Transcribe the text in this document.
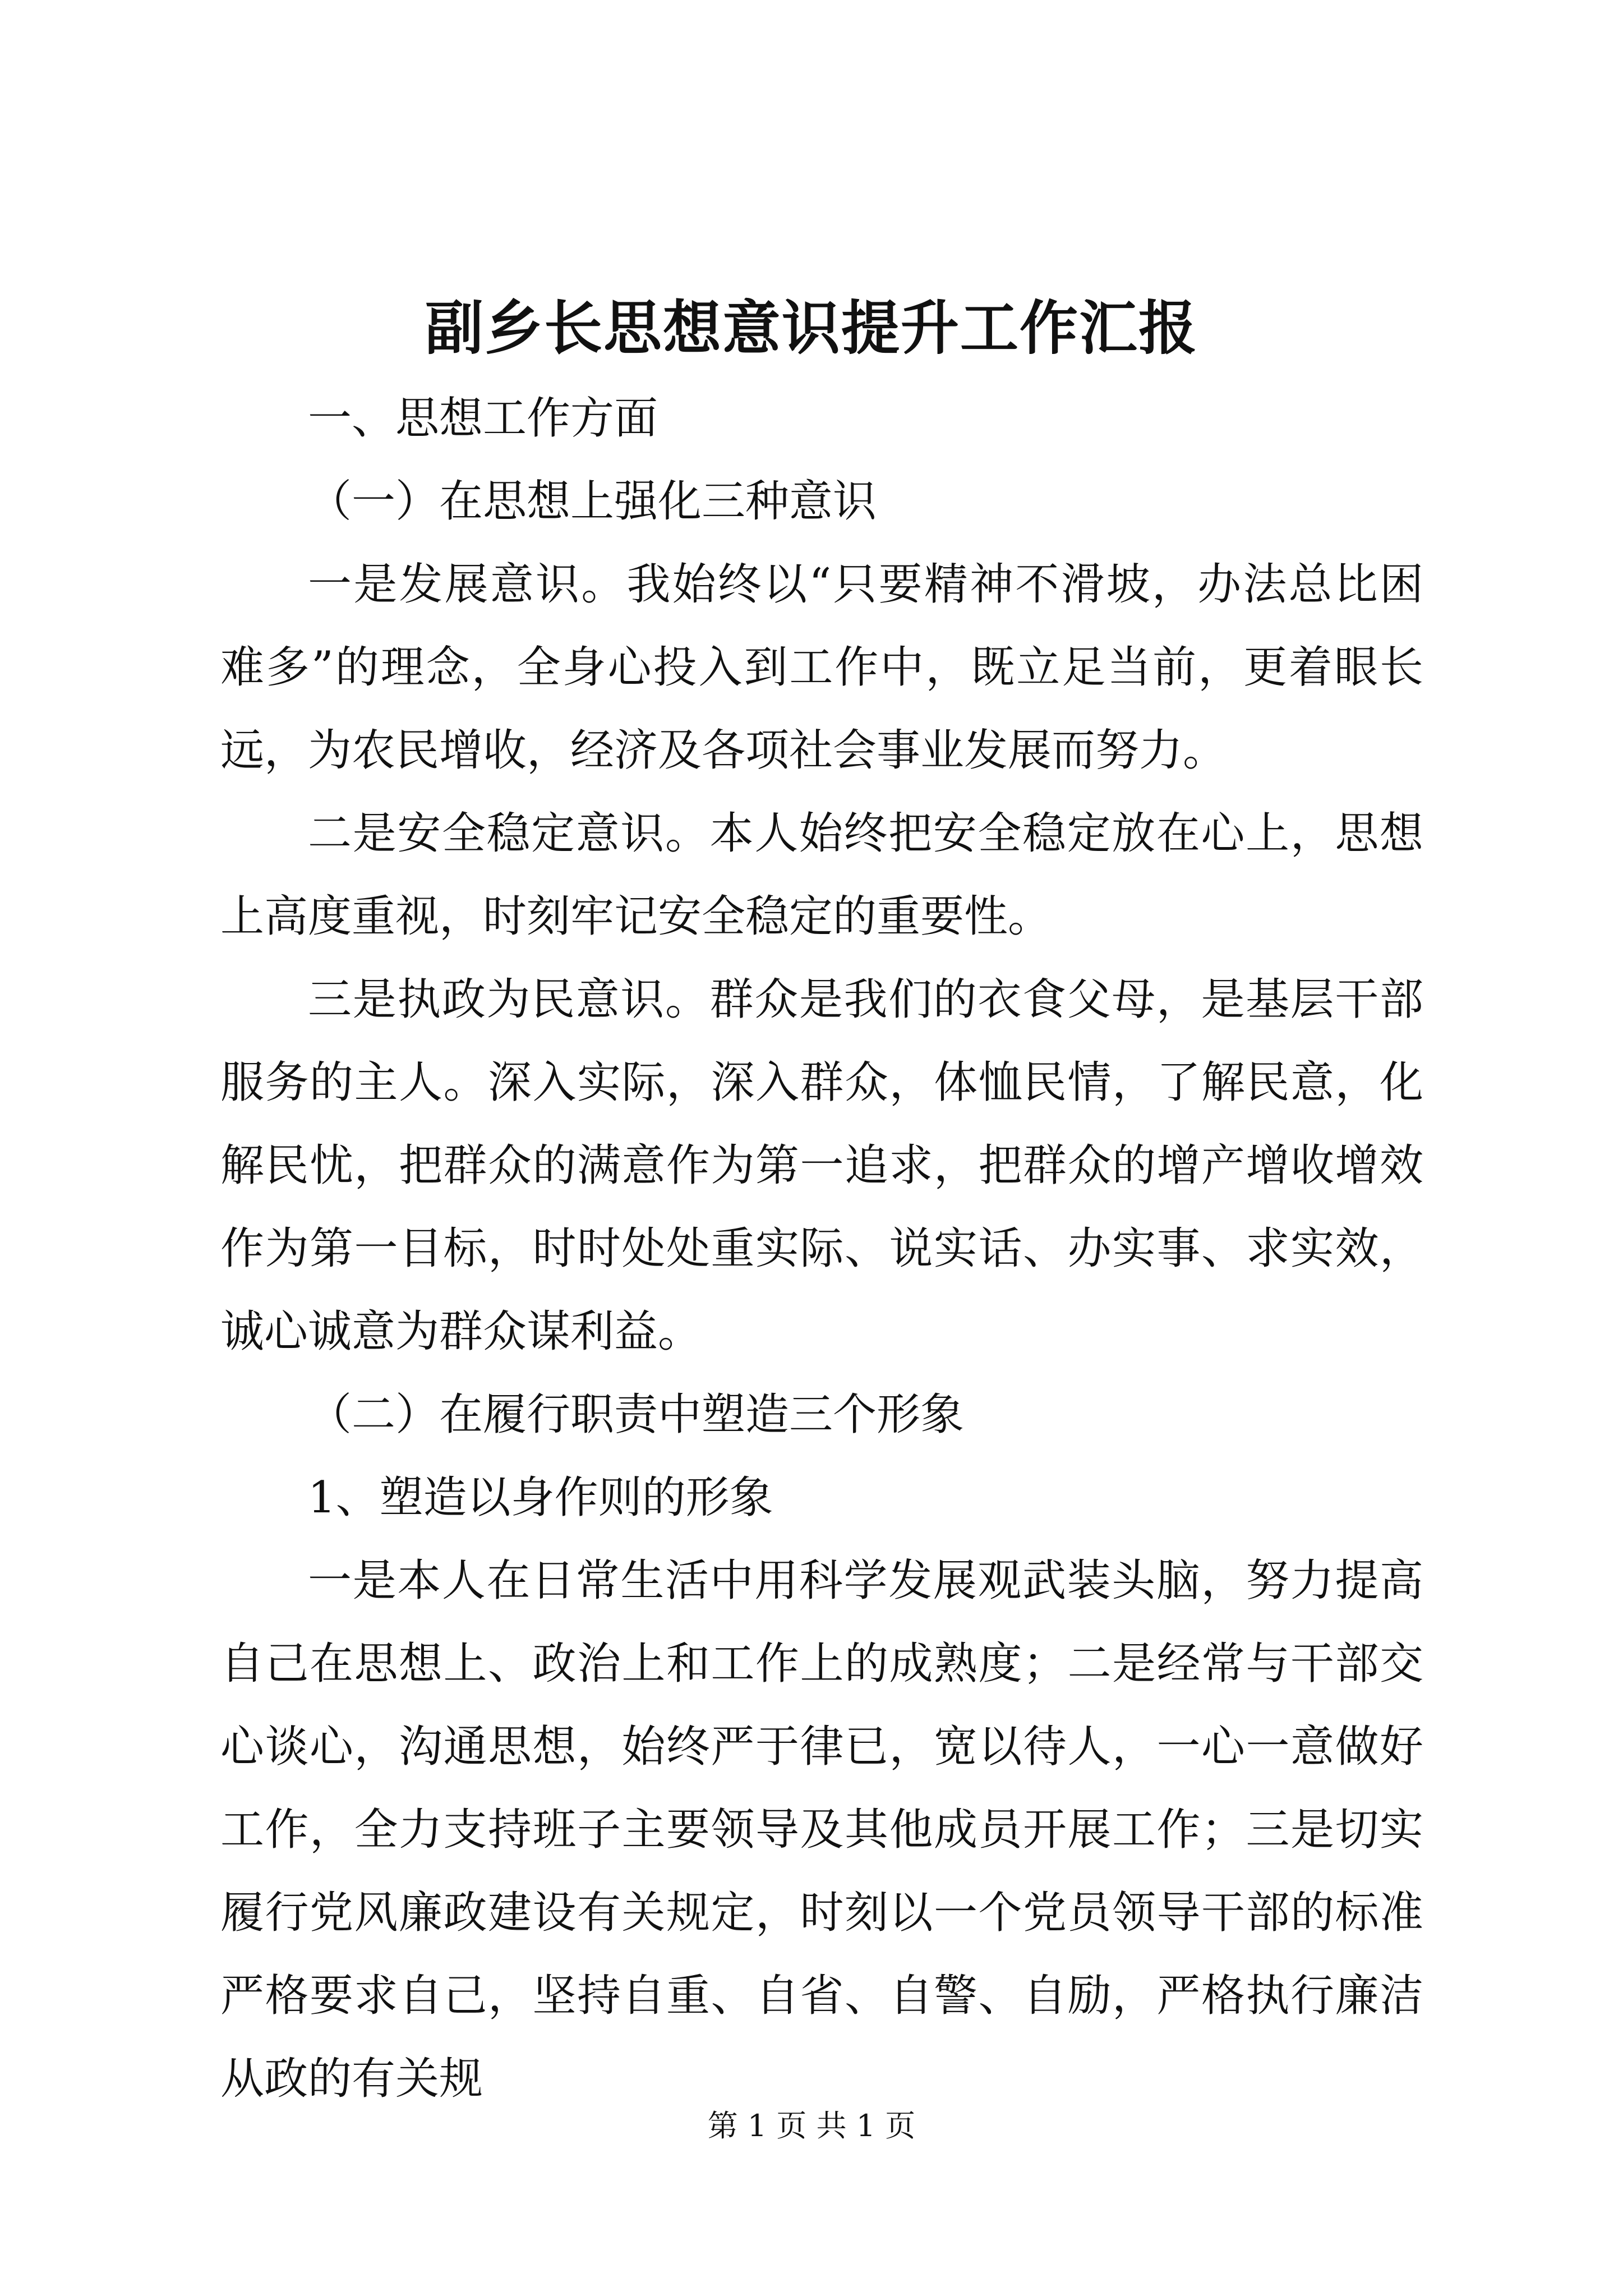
副乡长思想意识提升工作汇报

一、思想工作方面

（一）在思想上强化三种意识

一是发展意识。我始终以“只要精神不滑坡，办法总比困难多”的理念，全身心投入到工作中，既立足当前，更着眼长远，为农民增收，经济及各项社会事业发展而努力。

二是安全稳定意识。本人始终把安全稳定放在心上，思想上高度重视，时刻牢记安全稳定的重要性。

三是执政为民意识。群众是我们的衣食父母，是基层干部服务的主人。深入实际，深入群众，体恤民情，了解民意，化解民忧，把群众的满意作为第一追求，把群众的增产增收增效作为第一目标，时时处处重实际、说实话、办实事、求实效，诚心诚意为群众谋利益。

（二）在履行职责中塑造三个形象

1、塑造以身作则的形象

一是本人在日常生活中用科学发展观武装头脑，努力提高自己在思想上、政治上和工作上的成熟度；二是经常与干部交心谈心，沟通思想，始终严于律已，宽以待人，一心一意做好工作，全力支持班子主要领导及其他成员开展工作；三是切实履行党风廉政建设有关规定，时刻以一个党员领导干部的标准严格要求自己，坚持自重、自省、自警、自励，严格执行廉洁从政的有关规

第 1 页 共 1 页
